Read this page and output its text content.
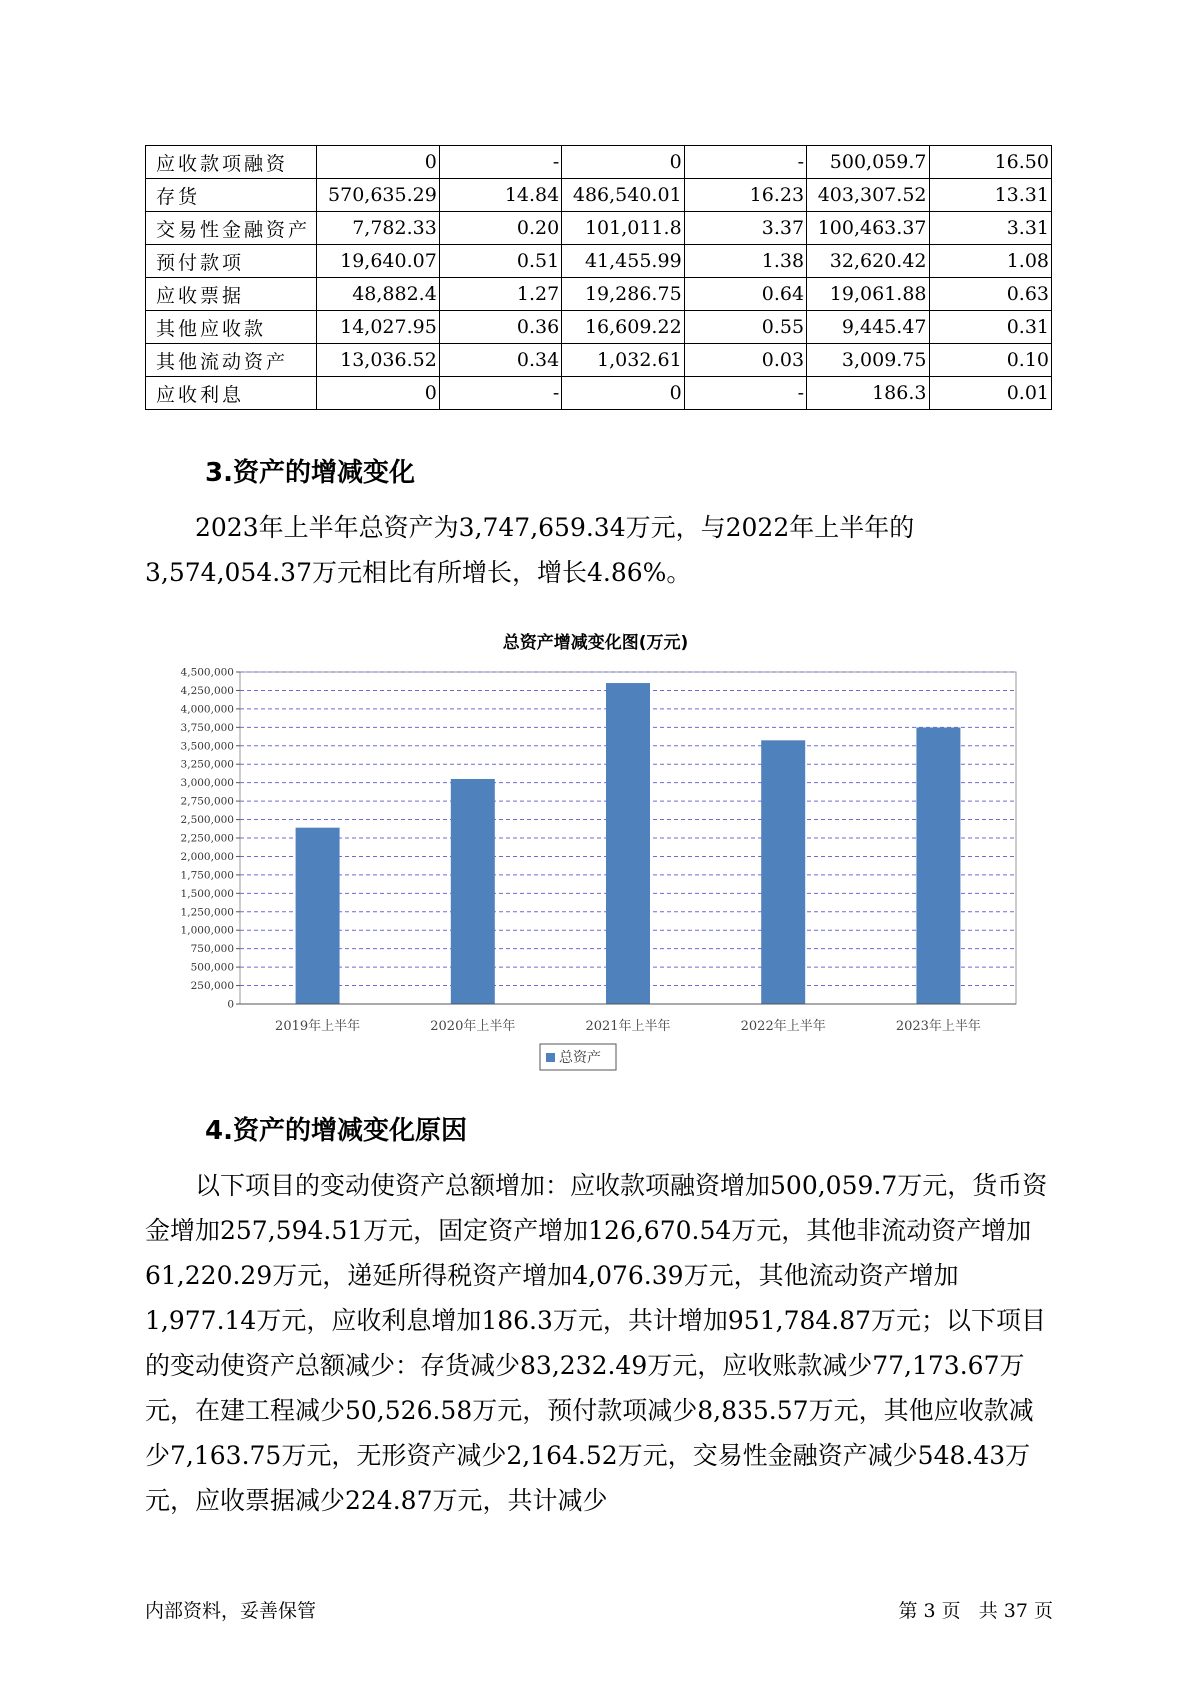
应收款项融资	0	-	0	-	500,059.7	16.50
存货	570,635.29	14.84	486,540.01	16.23	403,307.52	13.31
交易性金融资产	7,782.33	0.20	101,011.8	3.37	100,463.37	3.31
预付款项	19,640.07	0.51	41,455.99	1.38	32,620.42	1.08
应收票据	48,882.4	1.27	19,286.75	0.64	19,061.88	0.63
其他应收款	14,027.95	0.36	16,609.22	0.55	9,445.47	0.31
其他流动资产	13,036.52	0.34	1,032.61	0.03	3,009.75	0.10
应收利息	0	-	0	-	186.3	0.01
3.资产的增减变化

2023年上半年总资产为3,747,659.34万元，与2022年上半年的3,574,054.37万元相比有所增长，增长4.86%。

总资产增减变化图(万元)
0
250,000
500,000
750,000
1,000,000
1,250,000
1,500,000
1,750,000
2,000,000
2,250,000
2,500,000
2,750,000
3,000,000
3,250,000
3,500,000
3,750,000
4,000,000
4,250,000
4,500,000
2019年上半年	2020年上半年	2021年上半年	2022年上半年	2023年上半年
总资产
4.资产的增减变化原因

以下项目的变动使资产总额增加：应收款项融资增加500,059.7万元，货币资金增加257,594.51万元，固定资产增加126,670.54万元，其他非流动资产增加61,220.29万元，递延所得税资产增加4,076.39万元，其他流动资产增加1,977.14万元，应收利息增加186.3万元，共计增加951,784.87万元；以下项目的变动使资产总额减少：存货减少83,232.49万元，应收账款减少77,173.67万元，在建工程减少50,526.58万元，预付款项减少8,835.57万元，其他应收款减少7,163.75万元，无形资产减少2,164.52万元，交易性金融资产减少548.43万元，应收票据减少224.87万元，共计减少

内部资料，妥善保管	第 3 页   共 37 页
